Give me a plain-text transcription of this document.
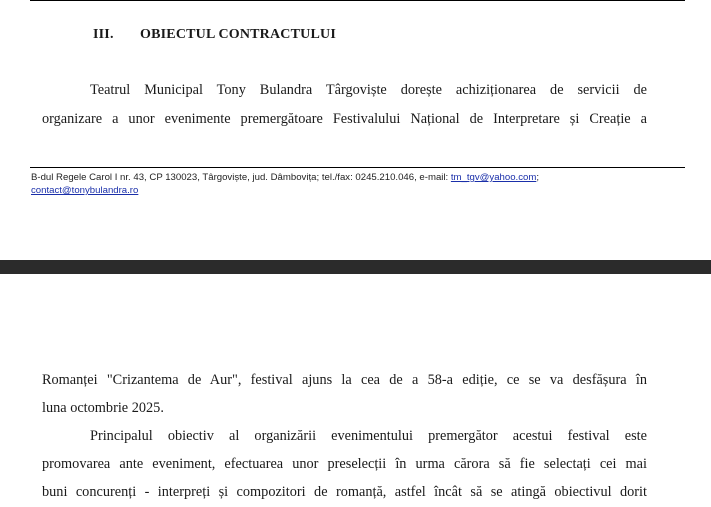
III. OBIECTUL CONTRACTULUI
Teatrul Municipal Tony Bulandra Târgoviște dorește achiziționarea de servicii de
organizare a unor evenimente premergătoare Festivalului Național de Interpretare și Creație a
B-dul Regele Carol I nr. 43, CP 130023, Târgoviște, jud. Dâmbovița; tel./fax: 0245.210.046, e-mail: tm_tgv@yahoo.com;
contact@tonybulandra.ro
Romanței "Crizantema de Aur", festival ajuns la cea de a 58-a ediție, ce se va desfășura în
luna octombrie 2025.
Principalul obiectiv al organizării evenimentului premergător acestui festival este
promovarea ante eveniment, efectuarea unor preselecții în urma cărora să fie selectați cei mai
buni concurenți - interpreți și compozitori de romanță, astfel încât să se atingă obiectivul dorit
